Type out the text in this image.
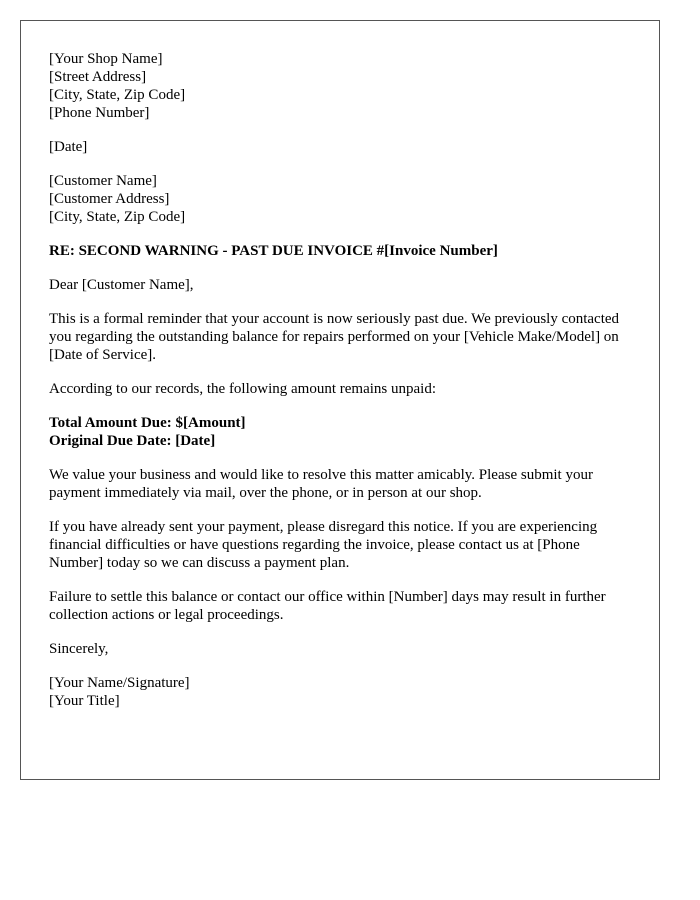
[Your Shop Name]
[Street Address]
[City, State, Zip Code]
[Phone Number]
[Date]
[Customer Name]
[Customer Address]
[City, State, Zip Code]

RE: SECOND WARNING - PAST DUE INVOICE #[Invoice Number]

Dear [Customer Name],

This is a formal reminder that your account is now seriously past due. We previously contacted you regarding the outstanding balance for repairs performed on your [Vehicle Make/Model] on [Date of Service].

According to our records, the following amount remains unpaid:

Total Amount Due: $[Amount]
Original Due Date: [Date]

We value your business and would like to resolve this matter amicably. Please submit your payment immediately via mail, over the phone, or in person at our shop.

If you have already sent your payment, please disregard this notice. If you are experiencing financial difficulties or have questions regarding the invoice, please contact us at [Phone Number] today so we can discuss a payment plan.

Failure to settle this balance or contact our office within [Number] days may result in further collection actions or legal proceedings.

Sincerely,

[Your Name/Signature]
[Your Title]
